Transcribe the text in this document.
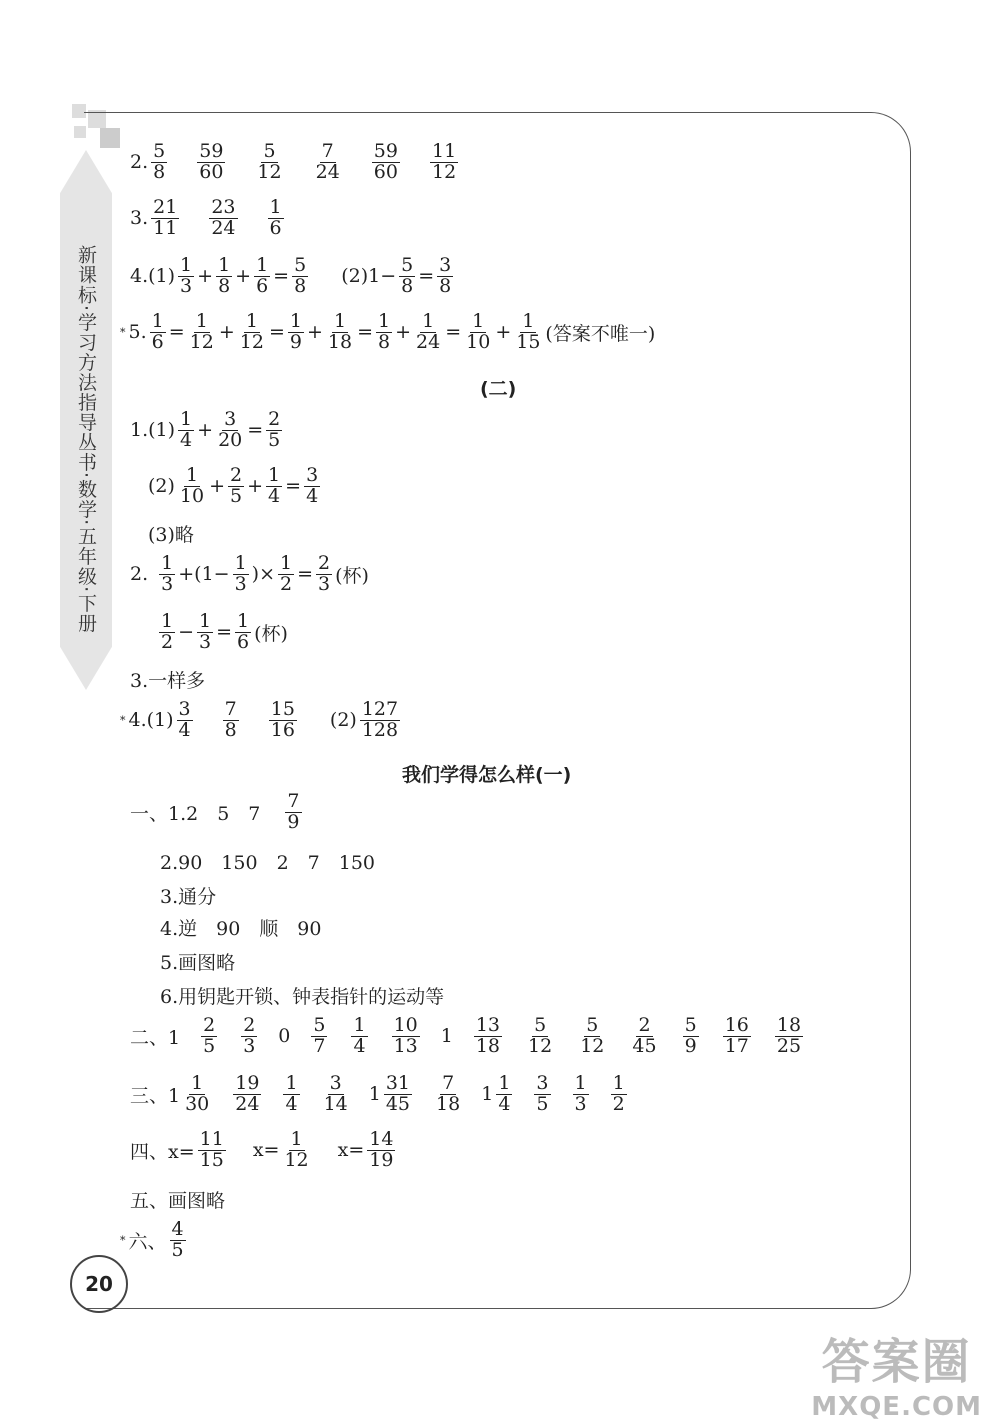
新课标·学习方法指导丛书·数学·五年级·下册
2. $\frac{5}{8} \frac{59}{60} \frac{5}{12} \frac{7}{24} \frac{59}{60} \frac{11}{12}$
3. $\frac{21}{11} \frac{23}{24} \frac{1}{6}$
$4.(1) \frac{1}{3} + \frac{1}{8} + \frac{1}{6} = \frac{5}{8} (2)1- \frac{5}{8} = \frac{3}{8}$
* 5. $\frac{1}{6} = \frac{1}{12} + \frac{1}{12} = \frac{1}{9} + \frac{1}{18} = \frac{1}{8} + \frac{1}{24} = \frac{1}{10} + \frac{1}{15}$ (答案不唯一)
(二)
$1.(1) \frac{1}{4} + \frac{3}{20} = \frac{2}{5}$
$(2) \frac{1}{10} + \frac{2}{5} + \frac{1}{4} = \frac{3}{4}$
(3)略
2. $\frac{1}{3} +(1- \frac{1}{3}$ )× $\frac{1}{2} = \frac{2}{3}$ (杯)
$\frac{1}{2} - \frac{1}{3} = \frac{1}{6}$ (杯)
3.一样多
* $4.(1) \frac{3}{4} \frac{7}{8} \frac{15}{16} (2) \frac{127}{128}$
我们学得怎么样(一)
一、1.2　5　$7 \frac{7}{9}$
2.90　150　2　7　150
3.通分
4.逆　90　顺　90
5.画图略
6.用钥匙开锁、钟表指针的运动等
二、$1 \frac{2}{5} \frac{2}{3} 0 \frac{5}{7} \frac{1}{4} \frac{10}{13} 1 \frac{13}{18} \frac{5}{12} \frac{5}{12} \frac{2}{45} \frac{5}{9} \frac{16}{17} \frac{18}{25}$
三、$1 \frac{1}{30} \frac{19}{24} \frac{1}{4} \frac{3}{14} 1 \frac{31}{45} \frac{7}{18} 1 \frac{1}{4} \frac{3}{5} \frac{1}{3} \frac{1}{2}$
四、$x= \frac{11}{15} x= \frac{1}{12} x= \frac{14}{19}$
五、画图略
* 六、 $\frac{4}{5}$
20
答案圈
MXQE.COM
